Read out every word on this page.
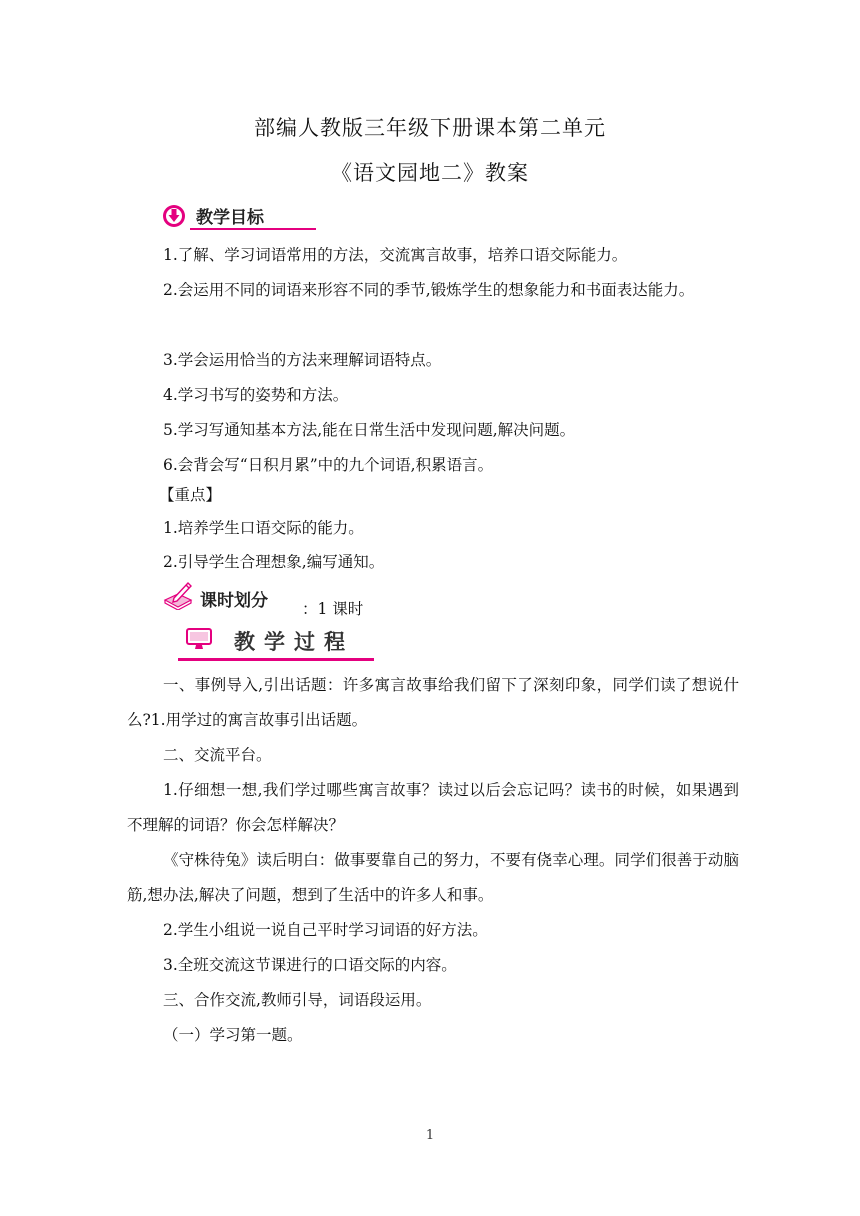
部编人教版三年级下册课本第二单元
《语文园地二》教案
教学目标
1.了解、学习词语常用的方法，交流寓言故事，培养口语交际能力。
2.会运用不同的词语来形容不同的季节,锻炼学生的想象能力和书面表达能力。
3.学会运用恰当的方法来理解词语特点。
4.学习书写的姿势和方法。
5.学习写通知基本方法,能在日常生活中发现问题,解决问题。
6.会背会写“日积月累”中的九个词语,积累语言。
【重点】
1.培养学生口语交际的能力。
2.引导学生合理想象,编写通知。
课时划分 ：1 课时
教学过程
一、事例导入,引出话题：许多寓言故事给我们留下了深刻印象，同学们读了想说什么?1.用学过的寓言故事引出话题。
二、交流平台。
1.仔细想一想,我们学过哪些寓言故事？读过以后会忘记吗？读书的时候，如果遇到不理解的词语？你会怎样解决？
《守株待兔》读后明白：做事要靠自己的努力，不要有侥幸心理。同学们很善于动脑筋,想办法,解决了问题，想到了生活中的许多人和事。
2.学生小组说一说自己平时学习词语的好方法。
3.全班交流这节课进行的口语交际的内容。
三、合作交流,教师引导，词语段运用。
（一）学习第一题。
1
